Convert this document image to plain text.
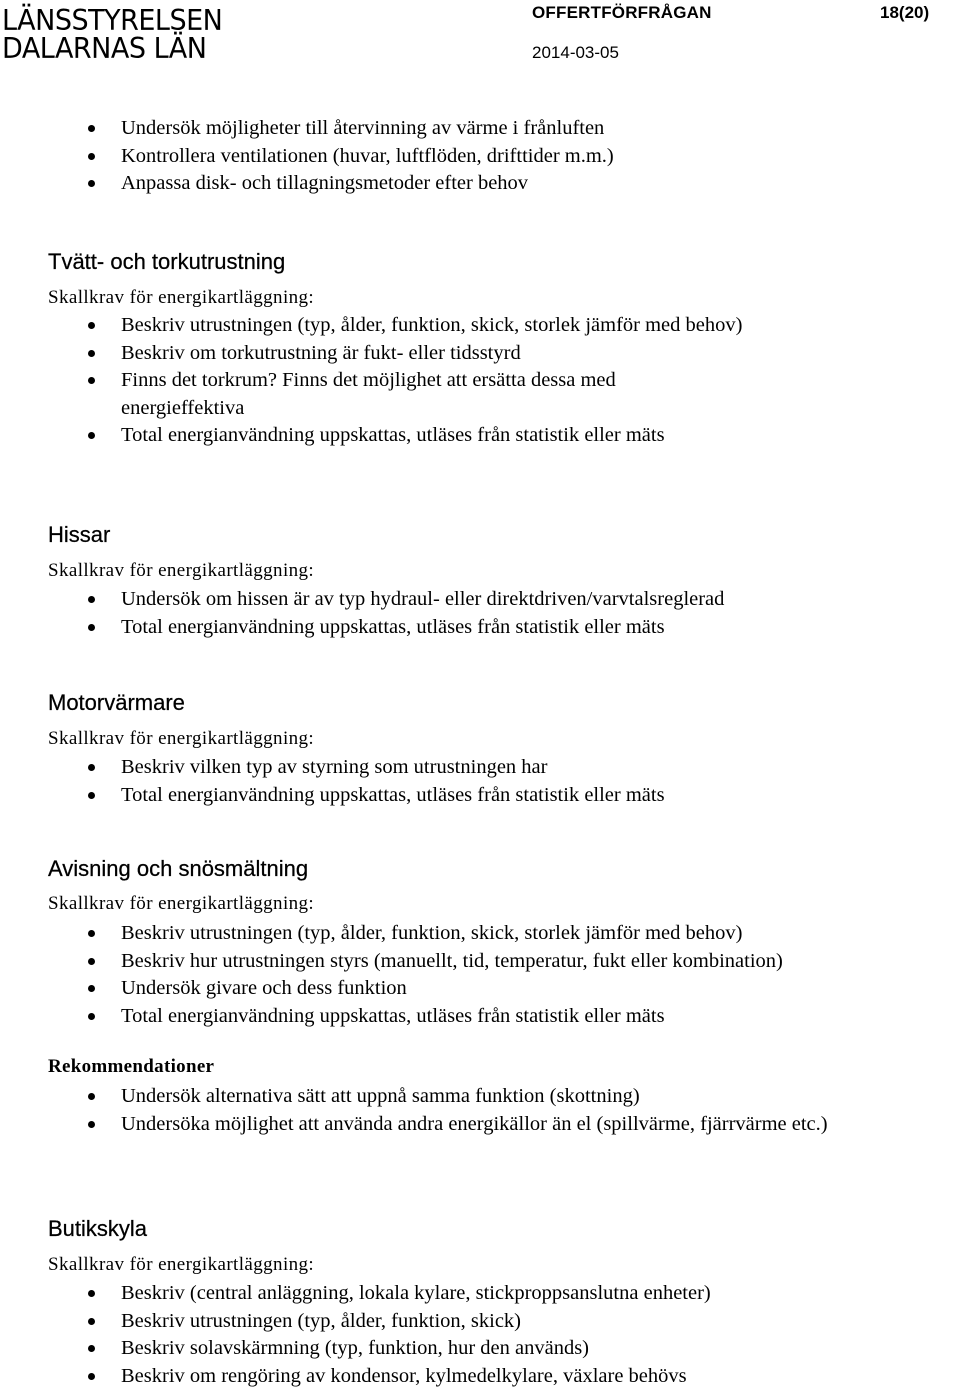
LÄNSSTYRELSEN
DALARNAS LÄN
OFFERTFÖRFRÅGAN	18(20)
2014-03-05
Undersök möjligheter till återvinning av värme i frånluften
Kontrollera ventilationen (huvar, luftflöden, drifttider m.m.)
Anpassa disk- och tillagningsmetoder efter behov
Tvätt- och torkutrustning
Skallkrav för energikartläggning:
Beskriv utrustningen (typ, ålder, funktion, skick, storlek jämför med behov)
Beskriv om torkutrustning är fukt- eller tidsstyrd
Finns det torkrum? Finns det möjlighet att ersätta dessa med energieffektiva
Total energianvändning uppskattas, utläses från statistik eller mäts
Hissar
Skallkrav för energikartläggning:
Undersök om hissen är av typ hydraul- eller direktdriven/varvtalsreglerad
Total energianvändning uppskattas, utläses från statistik eller mäts
Motorvärmare
Skallkrav för energikartläggning:
Beskriv vilken typ av styrning som utrustningen har
Total energianvändning uppskattas, utläses från statistik eller mäts
Avisning och snösmältning
Skallkrav för energikartläggning:
Beskriv utrustningen (typ, ålder, funktion, skick, storlek jämför med behov)
Beskriv hur utrustningen styrs (manuellt, tid, temperatur, fukt eller kombination)
Undersök givare och dess funktion
Total energianvändning uppskattas, utläses från statistik eller mäts
Rekommendationer
Undersök alternativa sätt att uppnå samma funktion (skottning)
Undersöka möjlighet att använda andra energikällor än el (spillvärme, fjärrvärme etc.)
Butikskyla
Skallkrav för energikartläggning:
Beskriv (central anläggning, lokala kylare, stickproppsanslutna enheter)
Beskriv utrustningen (typ, ålder, funktion, skick)
Beskriv solavskärmning (typ, funktion, hur den används)
Beskriv om rengöring av kondensor, kylmedelkylare, växlare behövs
